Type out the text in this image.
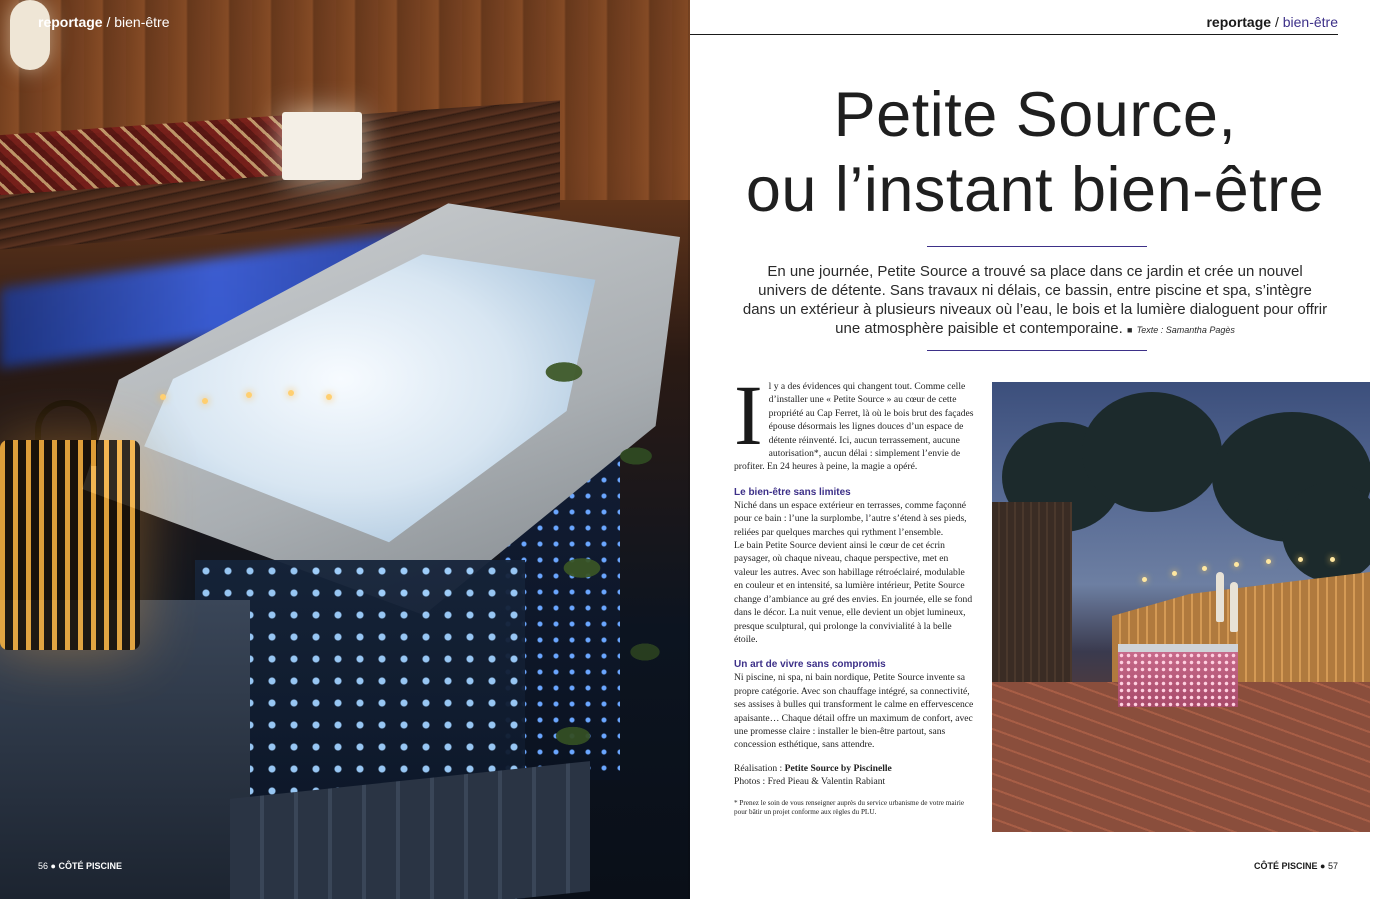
reportage / bien-être
56 ● CÔTÉ PISCINE
reportage / bien-être
Petite Source,
ou l’instant bien-être
En une journée, Petite Source a trouvé sa place dans ce jardin et crée un nouvel univers de détente. Sans travaux ni délais, ce bassin, entre piscine et spa, s’intègre dans un extérieur à plusieurs niveaux où l’eau, le bois et la lumière dialoguent pour offrir une atmosphère paisible et contemporaine. ■ Texte : Samantha Pagès

Il y a des évidences qui changent tout. Comme celle d’installer une « Petite Source » au cœur de cette propriété au Cap Ferret, là où le bois brut des façades épouse désormais les lignes douces d’un espace de détente réinventé. Ici, aucun terrassement, aucune autorisation*, aucun délai : simplement l’envie de profiter. En 24 heures à peine, la magie a opéré.

Le bien-être sans limites

Niché dans un espace extérieur en terrasses, comme façonné pour ce bain : l’une la surplombe, l’autre s’étend à ses pieds, reliées par quelques marches qui rythment l’ensemble.

Le bain Petite Source devient ainsi le cœur de cet écrin paysager, où chaque niveau, chaque perspective, met en valeur les autres. Avec son habillage rétroéclairé, modulable en couleur et en intensité, sa lumière intérieur, Petite Source change d’ambiance au gré des envies. En journée, elle se fond dans le décor. La nuit venue, elle devient un objet lumineux, presque sculptural, qui prolonge la convivialité à la belle étoile.

Un art de vivre sans compromis

Ni piscine, ni spa, ni bain nordique, Petite Source invente sa propre catégorie. Avec son chauffage intégré, sa connectivité, ses assises à bulles qui transforment le calme en effervescence apaisante… Chaque détail offre un maximum de confort, avec une promesse claire : installer le bien-être partout, sans concession esthétique, sans attendre.

Réalisation : Petite Source by Piscinelle

Photos : Fred Pieau & Valentin Rabiant

* Prenez le soin de vous renseigner auprès du service urbanisme de votre mairie pour bâtir un projet conforme aux règles du PLU.

CÔTÉ PISCINE ● 57
